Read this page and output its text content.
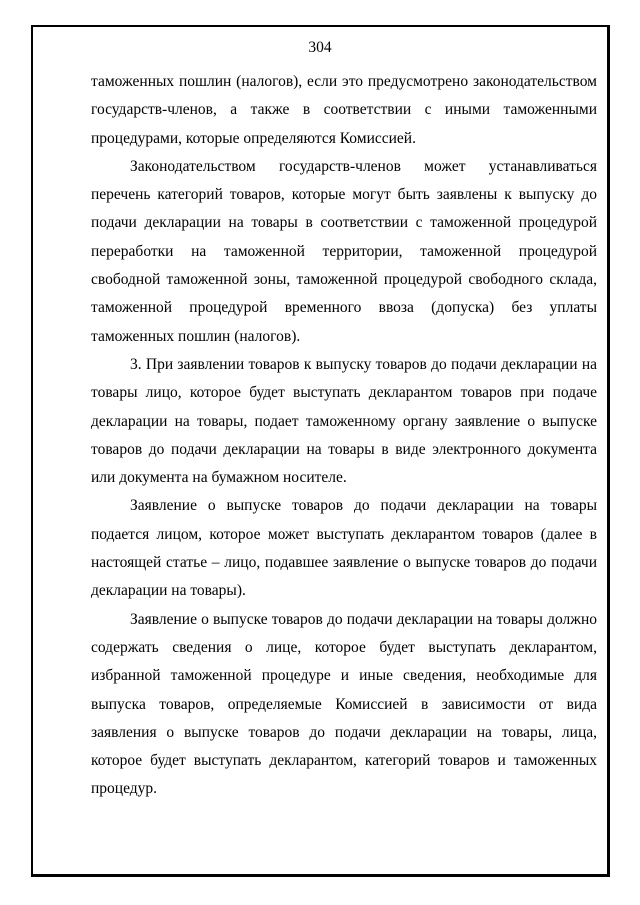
304

таможенных пошлин (налогов), если это предусмотрено законодательством государств-членов, а также в соответствии с иными таможенными процедурами, которые определяются Комиссией.

Законодательством государств-членов может устанавливаться перечень категорий товаров, которые могут быть заявлены к выпуску до подачи декларации на товары в соответствии с таможенной процедурой переработки на таможенной территории, таможенной процедурой свободной таможенной зоны, таможенной процедурой свободного склада, таможенной процедурой временного ввоза (допуска) без уплаты таможенных пошлин (налогов).

3. При заявлении товаров к выпуску товаров до подачи декларации на товары лицо, которое будет выступать декларантом товаров при подаче декларации на товары, подает таможенному органу заявление о выпуске товаров до подачи декларации на товары в виде электронного документа или документа на бумажном носителе.

Заявление о выпуске товаров до подачи декларации на товары подается лицом, которое может выступать декларантом товаров (далее в настоящей статье – лицо, подавшее заявление о выпуске товаров до подачи декларации на товары).

Заявление о выпуске товаров до подачи декларации на товары должно содержать сведения о лице, которое будет выступать декларантом, избранной таможенной процедуре и иные сведения, необходимые для выпуска товаров, определяемые Комиссией в зависимости от вида заявления о выпуске товаров до подачи декларации на товары, лица, которое будет выступать декларантом, категорий товаров и таможенных процедур.
